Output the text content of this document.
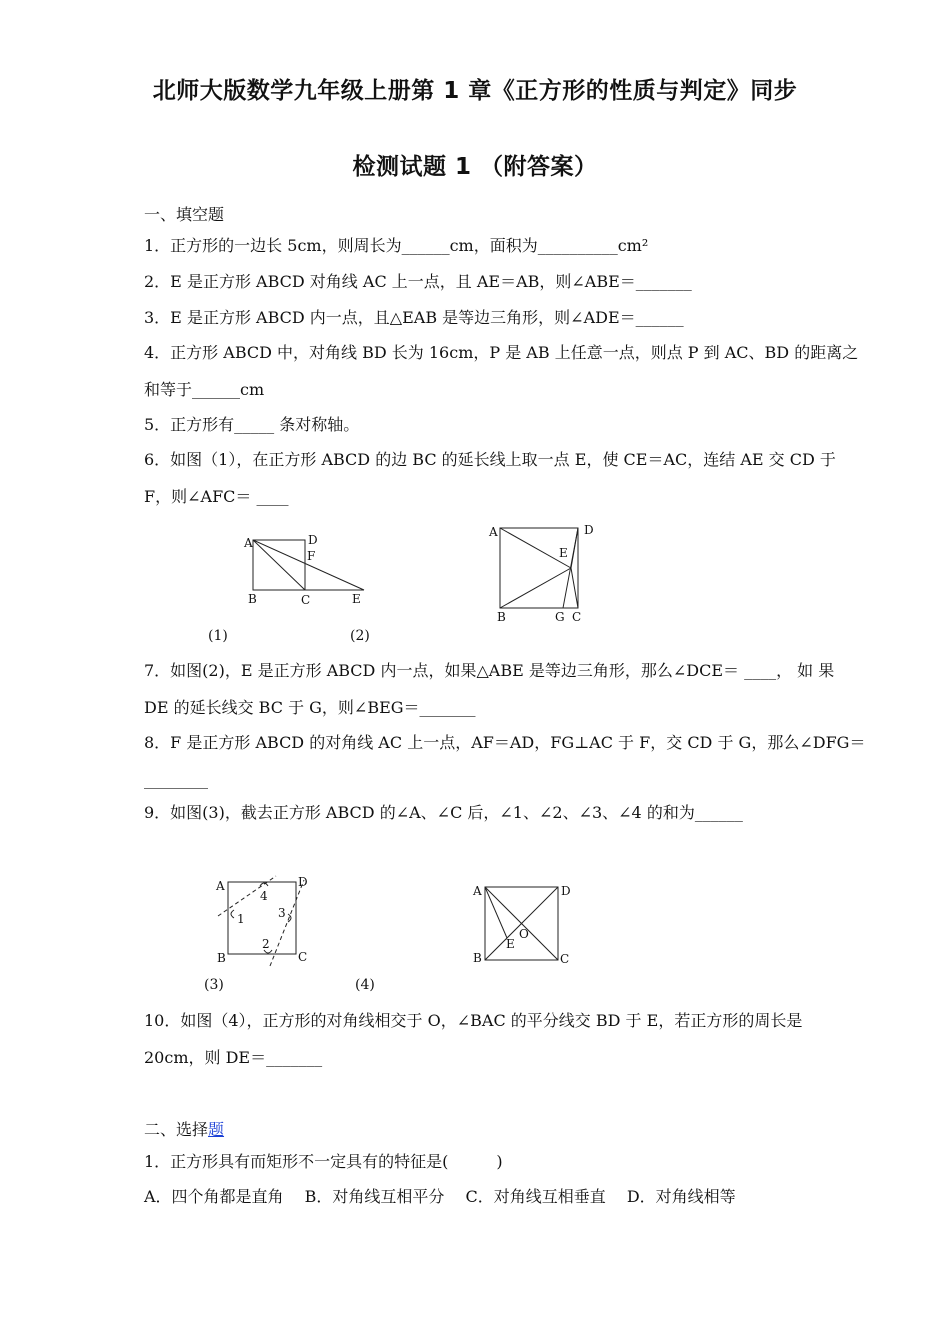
北师大版数学九年级上册第 1 章《正方形的性质与判定》同步
检测试题 1 （附答案）
一、填空题
1．正方形的一边长 5cm，则周长为______cm，面积为__________cm²
2．E 是正方形 ABCD 对角线 AC 上一点，且 AE＝AB，则∠ABE＝_______
3．E 是正方形 ABCD 内一点，且△EAB 是等边三角形，则∠ADE＝______
4．正方形 ABCD 中，对角线 BD 长为 16cm，P 是 AB 上任意一点，则点 P 到 AC、BD 的距离之
和等于______cm
5．正方形有_____ 条对称轴。
6．如图（1），在正方形 ABCD 的边 BC 的延长线上取一点 E，使 CE＝AC，连结 AE 交 CD 于
F，则∠AFC＝ ____
A	D
F
B	C	E
(1)
A	D
E
B	G C
(2)
7．如图(2)，E 是正方形 ABCD 内一点，如果△ABE 是等边三角形，那么∠DCE＝ ____， 如 果
DE 的延长线交 BC 于 G，则∠BEG＝_______
8．F 是正方形 ABCD 的对角线 AC 上一点，AF＝AD，FG⊥AC 于 F，交 CD 于 G，那么∠DFG＝
________
9．如图(3)，截去正方形 ABCD 的∠A、∠C 后，∠1、∠2、∠3、∠4 的和为______
A	D
B	C
1
4
3
2
(3)
A	D
B	C
E
O
(4)
10．如图（4），正方形的对角线相交于 O，∠BAC 的平分线交 BD 于 E，若正方形的周长是
20cm，则 DE＝_______
二、选择题
1．正方形具有而矩形不一定具有的特征是(　　　)
A．四个角都是直角　 B．对角线互相平分　 C．对角线互相垂直　 D．对角线相等
